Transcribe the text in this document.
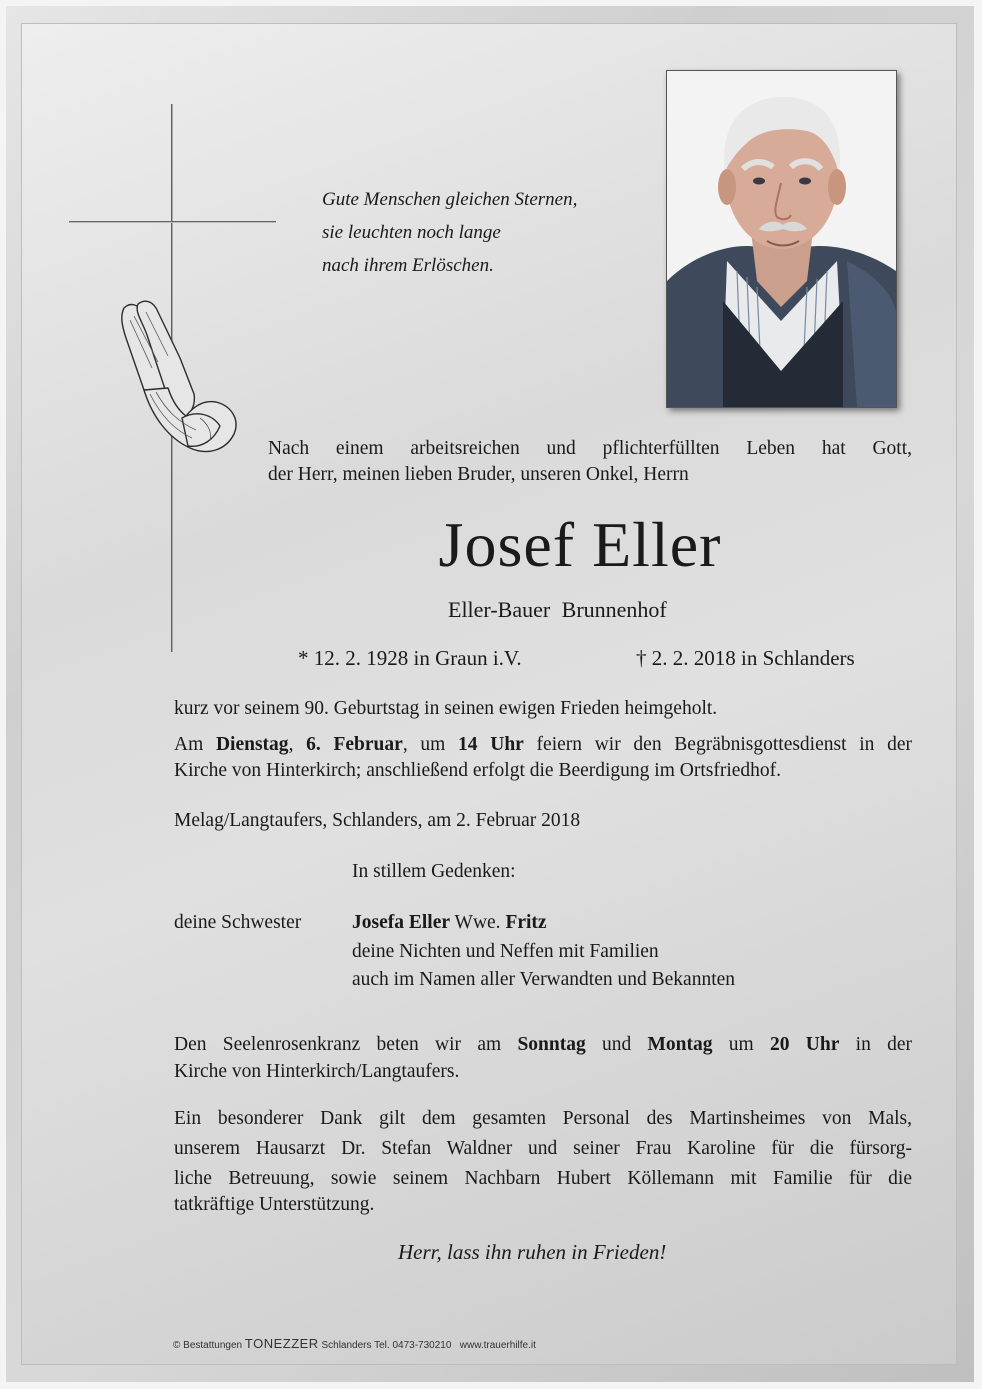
Gute Menschen gleichen Sternen,
sie leuchten noch lange
nach ihrem Erlöschen.
Nach einem arbeitsreichen und pflichterfüllten Leben hat Gott,
der Herr, meinen lieben Bruder, unseren Onkel, Herrn
Josef Eller
Eller-Bauer Brunnenhof
* 12. 2. 1928 in Graun i.V.	† 2. 2. 2018 in Schlanders
kurz vor seinem 90. Geburtstag in seinen ewigen Frieden heimgeholt.
Am Dienstag, 6. Februar, um 14 Uhr feiern wir den Begräbnisgottesdienst in der
Kirche von Hinterkirch; anschließend erfolgt die Beerdigung im Ortsfriedhof.
Melag/Langtaufers, Schlanders, am 2. Februar 2018
In stillem Gedenken:
deine Schwester	Josefa Eller Wwe. Fritz
deine Nichten und Neffen mit Familien
auch im Namen aller Verwandten und Bekannten
Den Seelenrosenkranz beten wir am Sonntag und Montag um 20 Uhr in der
Kirche von Hinterkirch/Langtaufers.
Ein besonderer Dank gilt dem gesamten Personal des Martinsheimes von Mals,
unserem Hausarzt Dr. Stefan Waldner und seiner Frau Karoline für die fürsorg-
liche Betreuung, sowie seinem Nachbarn Hubert Köllemann mit Familie für die
tatkräftige Unterstützung.
Herr, lass ihn ruhen in Frieden!
© Bestattungen TONEZZER Schlanders Tel. 0473-730210 www.trauerhilfe.it
